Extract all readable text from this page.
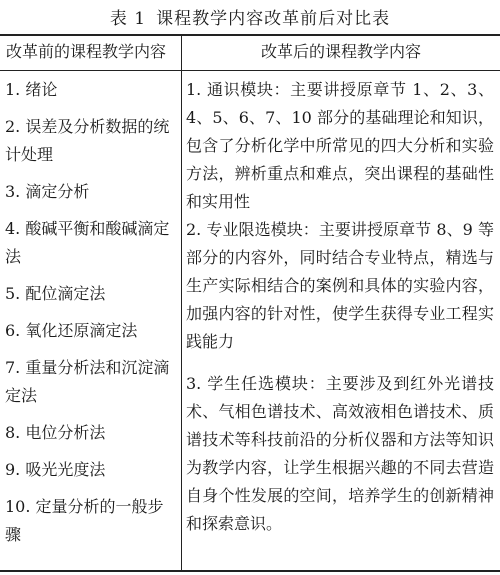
表 1 课程教学内容改革前后对比表
改革前的课程教学内容	改革后的课程教学内容
1. 绪论
2. 误差及分析数据的统计处理
3. 滴定分析
4. 酸碱平衡和酸碱滴定法
5. 配位滴定法
6. 氧化还原滴定法
7. 重量分析法和沉淀滴定法
8. 电位分析法
9. 吸光光度法
10. 定量分析的一般步骤

1. 通识模块：主要讲授原章节 1、2、3、4、5、6、7、10 部分的基础理论和知识，包含了分析化学中所常见的四大分析和实验方法，辨析重点和难点，突出课程的基础性和实用性

2. 专业限选模块：主要讲授原章节 8、9 等部分的内容外，同时结合专业特点，精选与生产实际相结合的案例和具体的实验内容，加强内容的针对性，使学生获得专业工程实践能力

3. 学生任选模块：主要涉及到红外光谱技术、气相色谱技术、高效液相色谱技术、质谱技术等科技前沿的分析仪器和方法等知识为教学内容，让学生根据兴趣的不同去营造自身个性发展的空间，培养学生的创新精神和探索意识。
